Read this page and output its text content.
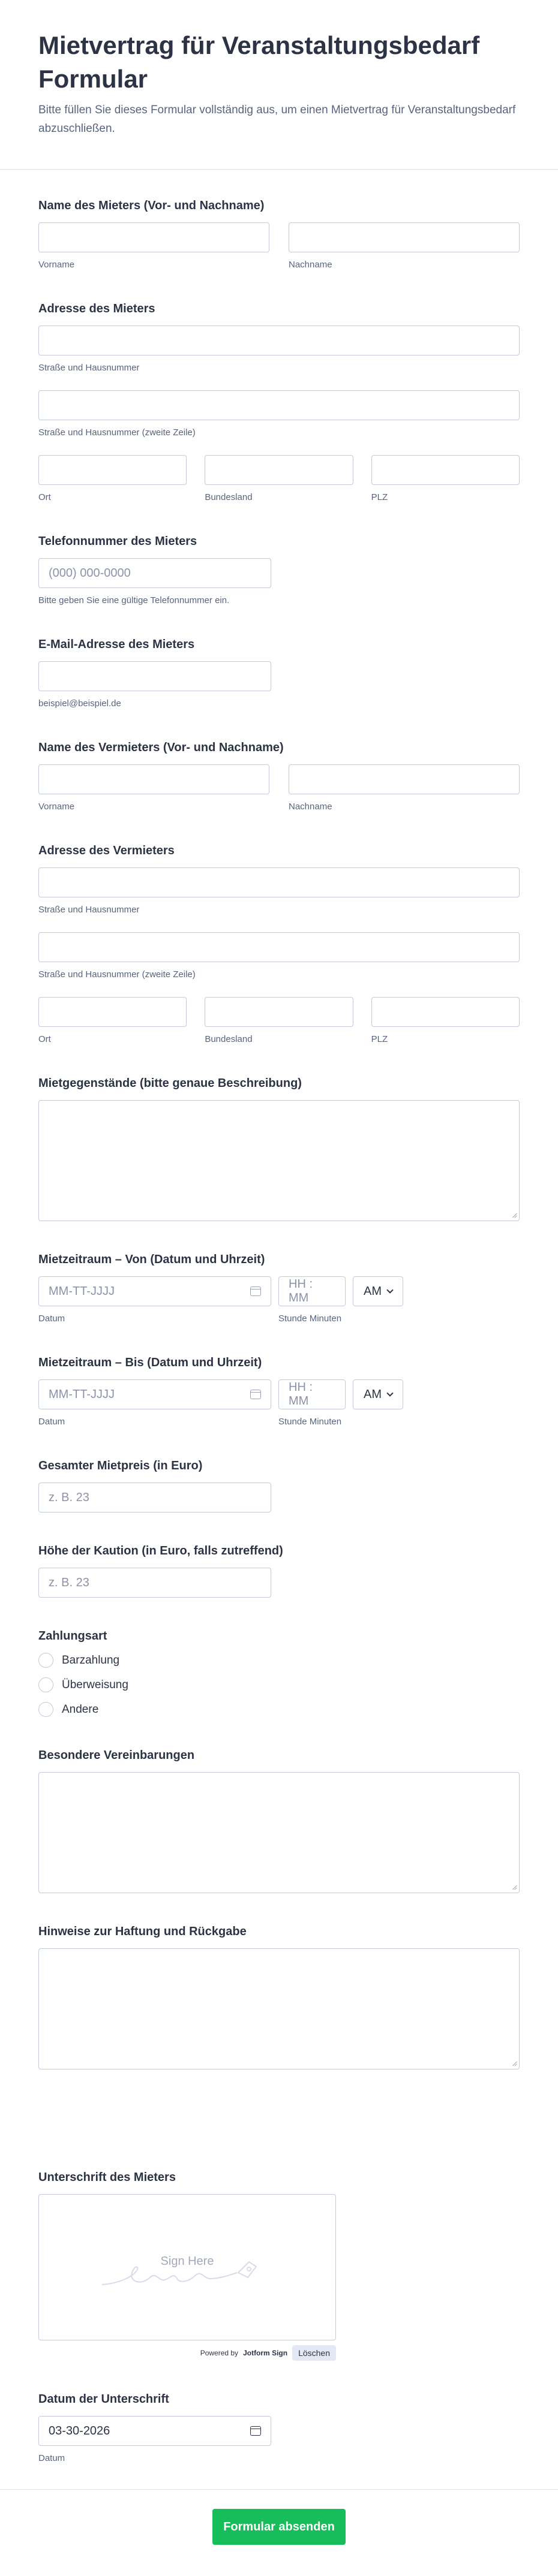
Mietvertrag für Veranstaltungsbedarf Formular

Bitte füllen Sie dieses Formular vollständig aus, um einen Mietvertrag für Veranstaltungsbedarf abzuschließen.

Name des Mieters (Vor- und Nachname)
Vorname	Nachname
Adresse des Mieters
Straße und Hausnummer
Straße und Hausnummer (zweite Zeile)
Ort	Bundesland	PLZ
Telefonnummer des Mieters
(000) 000-0000
Bitte geben Sie eine gültige Telefonnummer ein.
E-Mail-Adresse des Mieters
beispiel@beispiel.de
Name des Vermieters (Vor- und Nachname)
Vorname	Nachname
Adresse des Vermieters
Straße und Hausnummer
Straße und Hausnummer (zweite Zeile)
Ort	Bundesland	PLZ
Mietgegenstände (bitte genaue Beschreibung)
Mietzeitraum – Von (Datum und Uhrzeit)
MM-TT-JJJJ
Datum
HH : MM
Stunde Minuten
AM
Mietzeitraum – Bis (Datum und Uhrzeit)
MM-TT-JJJJ
Datum
HH : MM
Stunde Minuten
AM
Gesamter Mietpreis (in Euro)
z. B. 23
Höhe der Kaution (in Euro, falls zutreffend)
z. B. 23
Zahlungsart
Barzahlung
Überweisung
Andere
Besondere Vereinbarungen
Hinweise zur Haftung und Rückgabe
Unterschrift des Mieters
Sign Here
Powered by Jotform Sign	Löschen
Datum der Unterschrift
03-30-2026
Datum
Formular absenden
